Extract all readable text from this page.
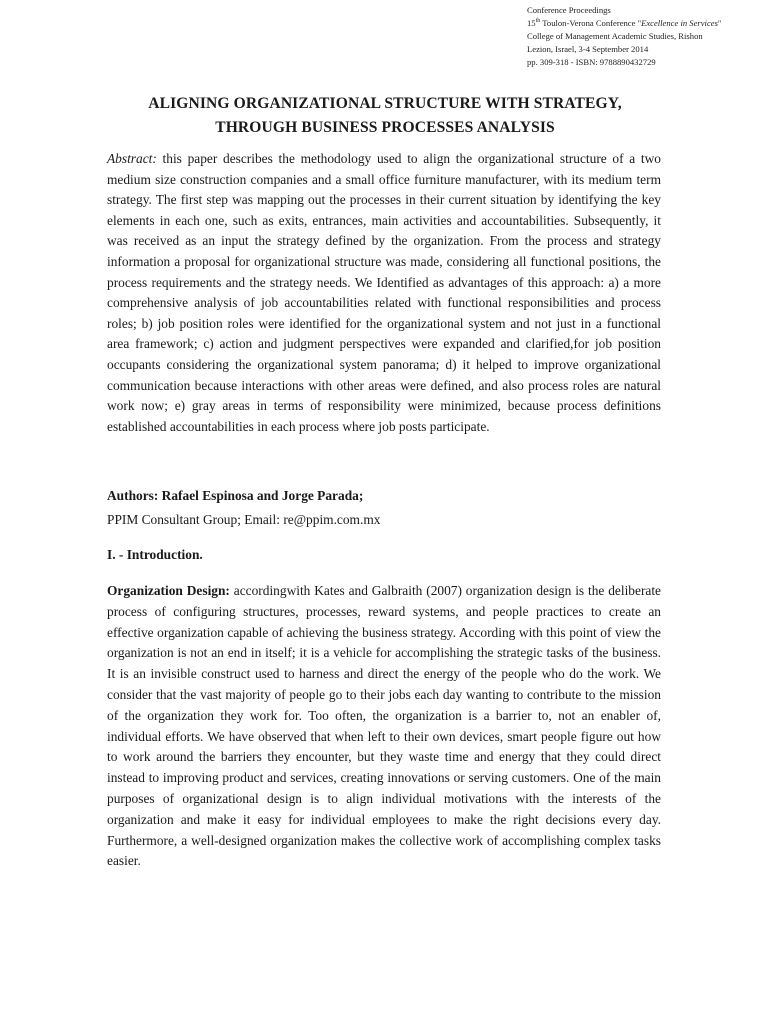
Conference Proceedings
15th Toulon-Verona Conference "Excellence in Services"
College of Management Academic Studies, Rishon
Lezion, Israel, 3-4 September 2014
pp. 309-318 - ISBN: 9788890432729
ALIGNING ORGANIZATIONAL STRUCTURE WITH STRATEGY,
THROUGH BUSINESS PROCESSES ANALYSIS

Abstract: this paper describes the methodology used to align the organizational structure of a two medium size construction companies and a small office furniture manufacturer, with its medium term strategy. The first step was mapping out the processes in their current situation by identifying the key elements in each one, such as exits, entrances, main activities and accountabilities. Subsequently, it was received as an input the strategy defined by the organization. From the process and strategy information a proposal for organizational structure was made, considering all functional positions, the process requirements and the strategy needs. We Identified as advantages of this approach: a) a more comprehensive analysis of job accountabilities related with functional responsibilities and process roles; b) job position roles were identified for the organizational system and not just in a functional area framework; c) action and judgment perspectives were expanded and clarified,for job position occupants considering the organizational system panorama; d) it helped to improve organizational communication because interactions with other areas were defined, and also process roles are natural work now; e) gray areas in terms of responsibility were minimized, because process definitions established accountabilities in each process where job posts participate.

Authors: Rafael Espinosa and Jorge Parada;

PPIM Consultant Group; Email: re@ppim.com.mx

I. - Introduction.

Organization Design: accordingwith Kates and Galbraith (2007) organization design is the deliberate process of configuring structures, processes, reward systems, and people practices to create an effective organization capable of achieving the business strategy. According with this point of view the organization is not an end in itself; it is a vehicle for accomplishing the strategic tasks of the business. It is an invisible construct used to harness and direct the energy of the people who do the work. We consider that the vast majority of people go to their jobs each day wanting to contribute to the mission of the organization they work for. Too often, the organization is a barrier to, not an enabler of, individual efforts. We have observed that when left to their own devices, smart people figure out how to work around the barriers they encounter, but they waste time and energy that they could direct instead to improving product and services, creating innovations or serving customers. One of the main purposes of organizational design is to align individual motivations with the interests of the organization and make it easy for individual employees to make the right decisions every day. Furthermore, a well-designed organization makes the collective work of accomplishing complex tasks easier.
